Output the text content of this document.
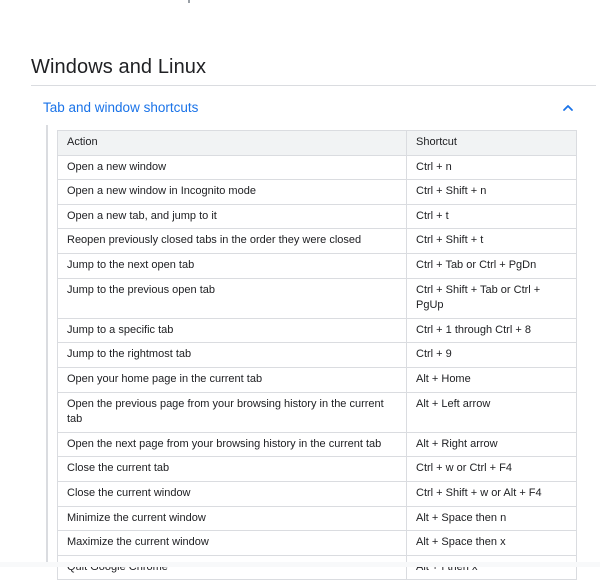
Windows and Linux
Tab and window shortcuts
Action	Shortcut
Open a new window	Ctrl + n
Open a new window in Incognito mode	Ctrl + Shift + n
Open a new tab, and jump to it	Ctrl + t
Reopen previously closed tabs in the order they were closed	Ctrl + Shift + t
Jump to the next open tab	Ctrl + Tab or Ctrl + PgDn
Jump to the previous open tab	Ctrl + Shift + Tab or Ctrl + PgUp
Jump to a specific tab	Ctrl + 1 through Ctrl + 8
Jump to the rightmost tab	Ctrl + 9
Open your home page in the current tab	Alt + Home
Open the previous page from your browsing history in the current tab	Alt + Left arrow
Open the next page from your browsing history in the current tab	Alt + Right arrow
Close the current tab	Ctrl + w or Ctrl + F4
Close the current window	Ctrl + Shift + w or Alt + F4
Minimize the current window	Alt + Space then n
Maximize the current window	Alt + Space then x
